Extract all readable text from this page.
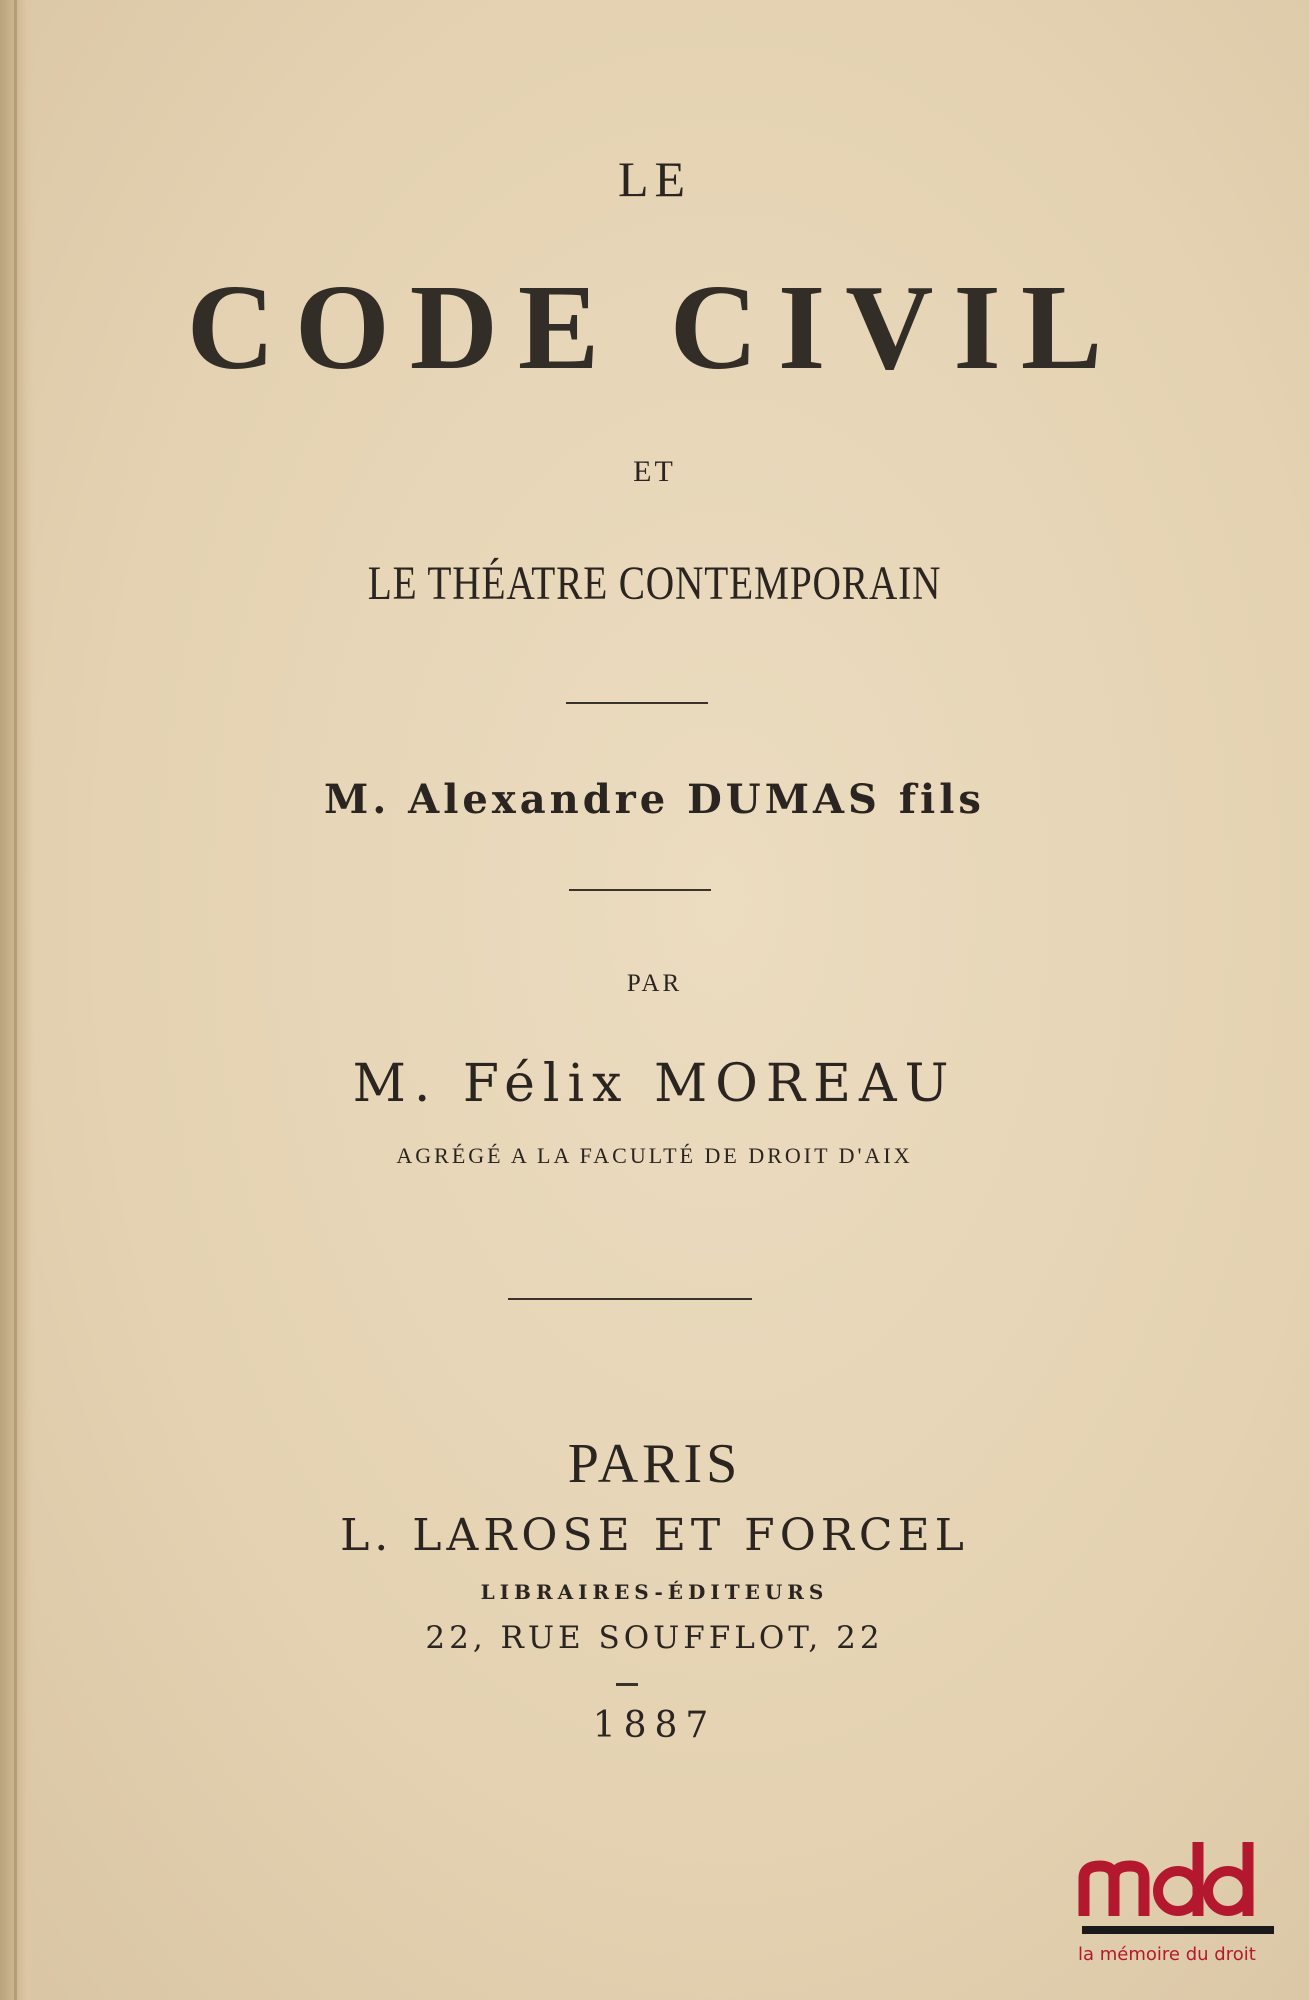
LE
CODE CIVIL
ET
LE THÉATRE CONTEMPORAIN
M. Alexandre DUMAS fils
PAR
M. Félix MOREAU
AGRÉGÉ A LA FACULTÉ DE DROIT D'AIX
PARIS
L. LAROSE ET FORCEL
LIBRAIRES-ÉDITEURS
22, RUE SOUFFLOT, 22
1887
la mémoire du droit
